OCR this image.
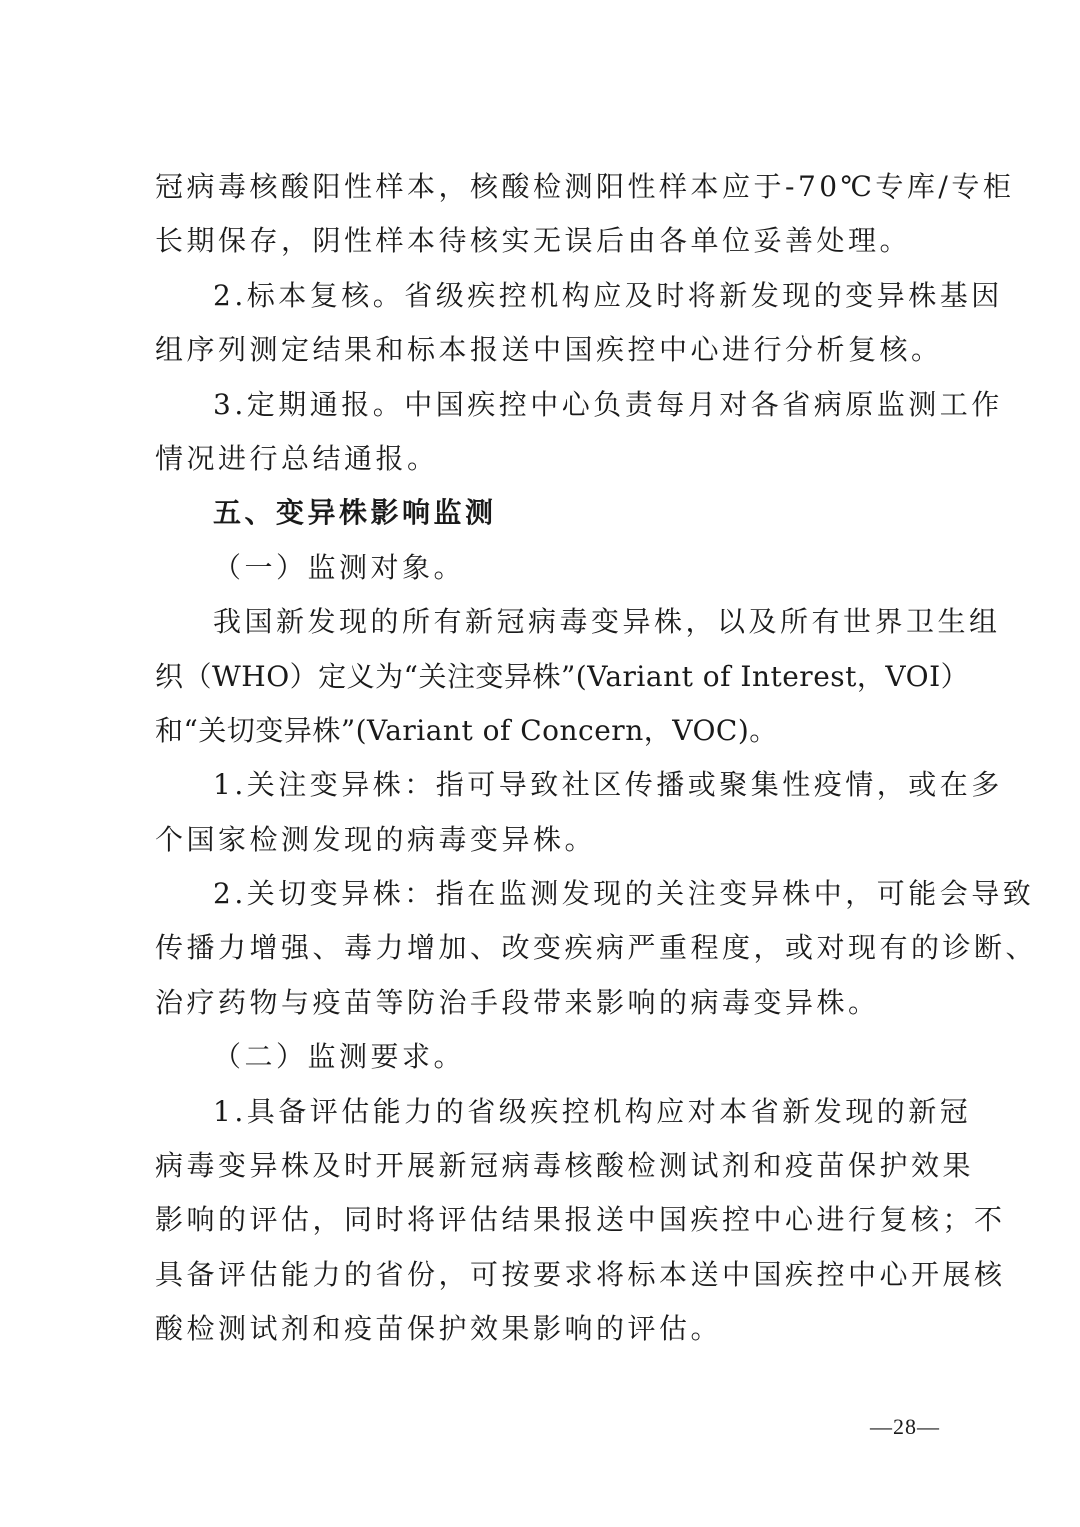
冠病毒核酸阳性样本，核酸检测阳性样本应于-70℃专库/专柜
长期保存，阴性样本待核实无误后由各单位妥善处理。
2.标本复核。省级疾控机构应及时将新发现的变异株基因
组序列测定结果和标本报送中国疾控中心进行分析复核。
3.定期通报。中国疾控中心负责每月对各省病原监测工作
情况进行总结通报。
五、变异株影响监测
（一）监测对象。
我国新发现的所有新冠病毒变异株，以及所有世界卫生组
织（WHO）定义为“关注变异株”(Variant of Interest，VOI）
和“关切变异株”(Variant of Concern，VOC)。
1.关注变异株：指可导致社区传播或聚集性疫情，或在多
个国家检测发现的病毒变异株。
2.关切变异株：指在监测发现的关注变异株中，可能会导致
传播力增强、毒力增加、改变疾病严重程度，或对现有的诊断、
治疗药物与疫苗等防治手段带来影响的病毒变异株。
（二）监测要求。
1.具备评估能力的省级疾控机构应对本省新发现的新冠
病毒变异株及时开展新冠病毒核酸检测试剂和疫苗保护效果
影响的评估，同时将评估结果报送中国疾控中心进行复核；不
具备评估能力的省份，可按要求将标本送中国疾控中心开展核
酸检测试剂和疫苗保护效果影响的评估。
—28—
